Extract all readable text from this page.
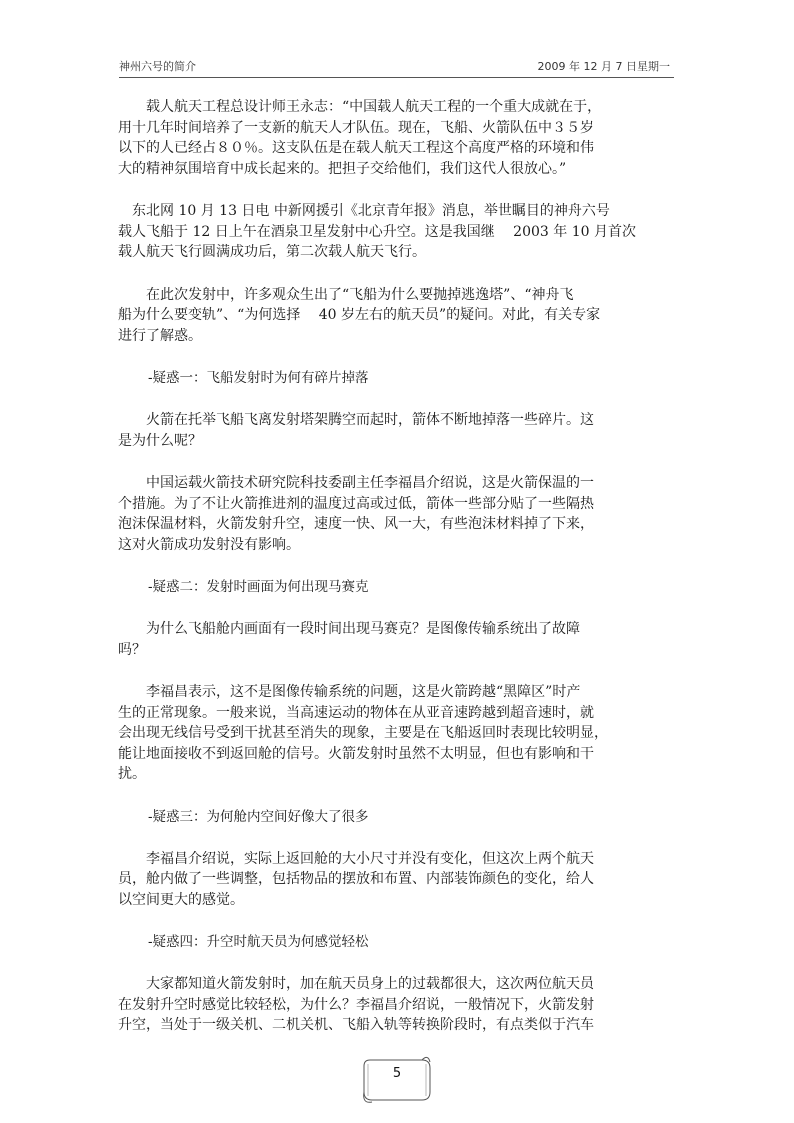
神州六号的简介	2009 年 12 月 7 日星期一

　　载人航天工程总设计师王永志：“中国载人航天工程的一个重大成就在于，

用十几年时间培养了一支新的航天人才队伍。现在，飞船、火箭队伍中３５岁

以下的人已经占８０％。这支队伍是在载人航天工程这个高度严格的环境和伟

大的精神氛围培育中成长起来的。把担子交给他们，我们这代人很放心。”

　东北网 10 月 13 日电 中新网援引《北京青年报》消息，举世瞩目的神舟六号

载人飞船于 12 日上午在酒泉卫星发射中心升空。这是我国继　 2003 年 10 月首次

载人航天飞行圆满成功后，第二次载人航天飞行。

　　在此次发射中，许多观众生出了“飞船为什么要抛掉逃逸塔”、“神舟飞

船为什么要变轨”、“为何选择　 40 岁左右的航天员”的疑问。对此，有关专家

进行了解惑。

-疑惑一：飞船发射时为何有碎片掉落

　　火箭在托举飞船飞离发射塔架腾空而起时，箭体不断地掉落一些碎片。这

是为什么呢？

　　中国运载火箭技术研究院科技委副主任李福昌介绍说，这是火箭保温的一

个措施。为了不让火箭推进剂的温度过高或过低，箭体一些部分贴了一些隔热

泡沫保温材料，火箭发射升空，速度一快、风一大，有些泡沫材料掉了下来，

这对火箭成功发射没有影响。

-疑惑二：发射时画面为何出现马赛克

　　为什么飞船舱内画面有一段时间出现马赛克？是图像传输系统出了故障

吗？

　　李福昌表示，这不是图像传输系统的问题，这是火箭跨越“黑障区”时产

生的正常现象。一般来说，当高速运动的物体在从亚音速跨越到超音速时，就

会出现无线信号受到干扰甚至消失的现象，主要是在飞船返回时表现比较明显，

能让地面接收不到返回舱的信号。火箭发射时虽然不太明显，但也有影响和干

扰。

-疑惑三：为何舱内空间好像大了很多

　　李福昌介绍说，实际上返回舱的大小尺寸并没有变化，但这次上两个航天

员，舱内做了一些调整，包括物品的摆放和布置、内部装饰颜色的变化，给人

以空间更大的感觉。

-疑惑四：升空时航天员为何感觉轻松

　　大家都知道火箭发射时，加在航天员身上的过载都很大，这次两位航天员

在发射升空时感觉比较轻松，为什么？李福昌介绍说，一般情况下，火箭发射

升空，当处于一级关机、二机关机、飞船入轨等转换阶段时，有点类似于汽车

5
